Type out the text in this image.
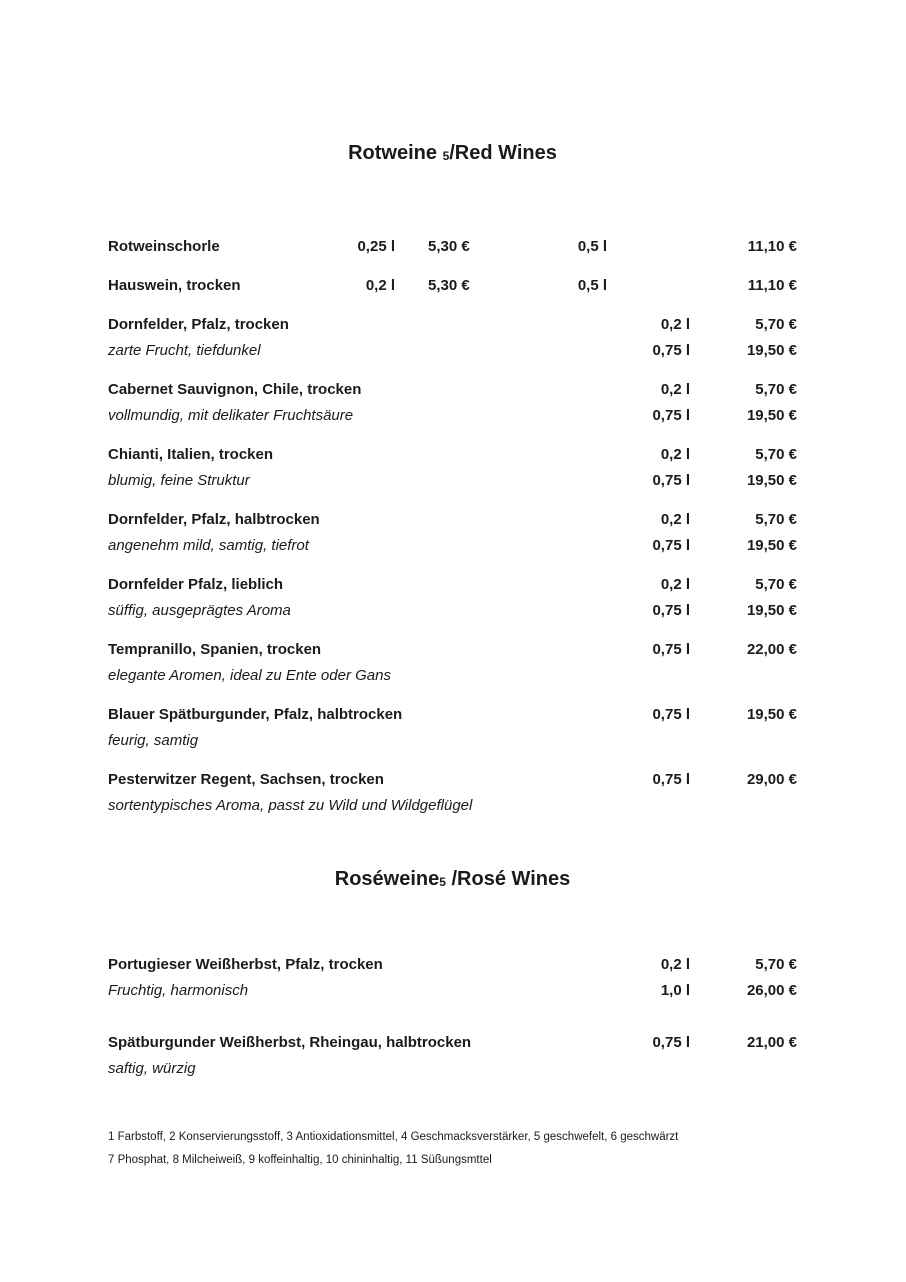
Rotweine 5/Red Wines
Rotweinschorle	0,25 l	5,30 €	0,5 l	11,10 €
Hauswein, trocken	0,2 l	5,30 €	0,5 l	11,10 €
Dornfelder, Pfalz, trocken	0,2 l	5,70 €
zarte Frucht, tiefdunkel	0,75 l	19,50 €
Cabernet Sauvignon, Chile, trocken	0,2 l	5,70 €
vollmundig, mit delikater Fruchtsäure	0,75 l	19,50 €
Chianti, Italien, trocken	0,2 l	5,70 €
blumig, feine Struktur	0,75 l	19,50 €
Dornfelder, Pfalz, halbtrocken	0,2 l	5,70 €
angenehm mild, samtig, tiefrot	0,75 l	19,50 €
Dornfelder Pfalz, lieblich	0,2 l	5,70 €
süffig, ausgeprägtes Aroma	0,75 l	19,50 €
Tempranillo, Spanien, trocken	0,75 l	22,00 €
elegante Aromen, ideal zu Ente oder Gans
Blauer Spätburgunder, Pfalz, halbtrocken	0,75 l	19,50 €
feurig, samtig
Pesterwitzer Regent, Sachsen, trocken	0,75 l	29,00 €
sortentypisches Aroma, passt zu Wild und Wildgeflügel
Roséweine5 /Rosé Wines
Portugieser Weißherbst, Pfalz, trocken	0,2 l	5,70 €
Fruchtig, harmonisch	1,0 l	26,00 €
Spätburgunder Weißherbst, Rheingau, halbtrocken	0,75 l	21,00 €
saftig, würzig
1 Farbstoff, 2 Konservierungsstoff, 3 Antioxidationsmittel, 4 Geschmacksverstärker, 5 geschwefelt, 6 geschwärzt
7 Phosphat, 8 Milcheiweiß, 9 koffeinhaltig, 10 chininhaltig, 11 Süßungsmttel
